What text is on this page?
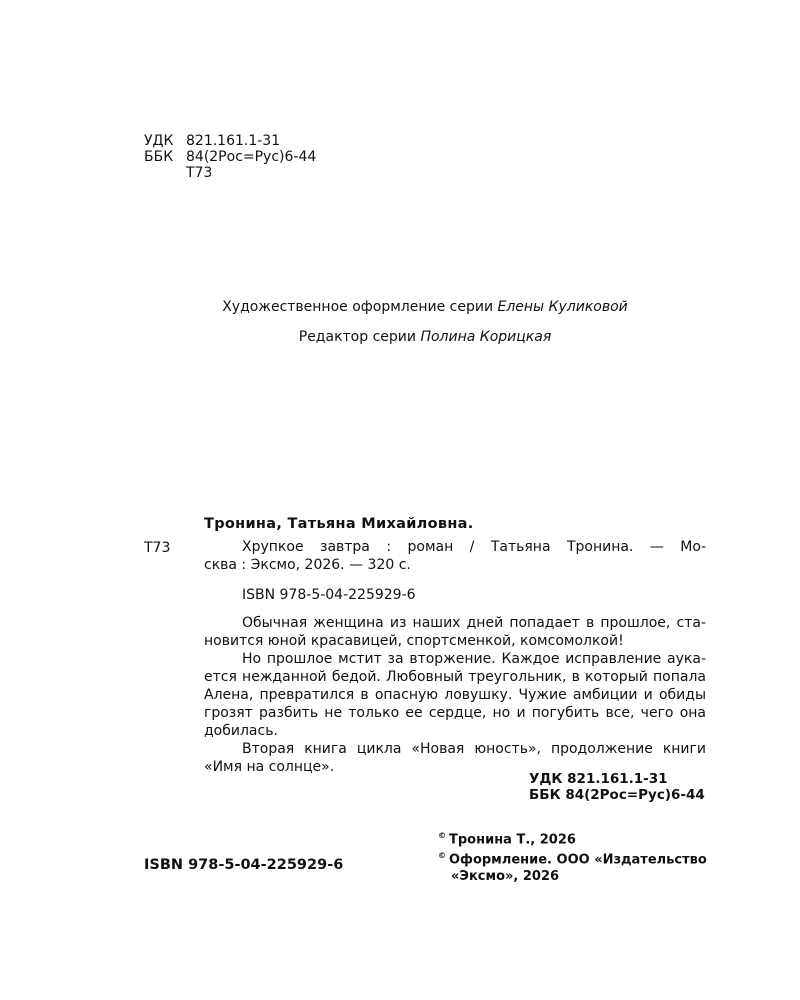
УДК 821.161.1-31
ББК 84(2Рос=Рус)6-44
Т73
Художественное оформление серии Елены Куликовой
Редактор серии Полина Корицкая
Тронина, Татьяна Михайловна.
Т73	Хрупкое завтра : роман / Татьяна Тронина. — Мо-
сква : Эксмо, 2026. — 320 с.
ISBN 978-5-04-225929-6
Обычная женщина из наших дней попадает в прошлое, ста-
новится юной красавицей, спортсменкой, комсомолкой!
Но прошлое мстит за вторжение. Каждое исправление аука-
ется нежданной бедой. Любовный треугольник, в который попала
Алена, превратился в опасную ловушку. Чужие амбиции и обиды
грозят разбить не только ее сердце, но и погубить все, чего она
добилась.
Вторая книга цикла «Новая юность», продолжение книги
«Имя на солнце».
УДК 821.161.1-31
ББК 84(2Рос=Рус)6-44
ISBN 978-5-04-225929-6
© Тронина Т., 2026
© Оформление. ООО «Издательство
«Эксмо», 2026
